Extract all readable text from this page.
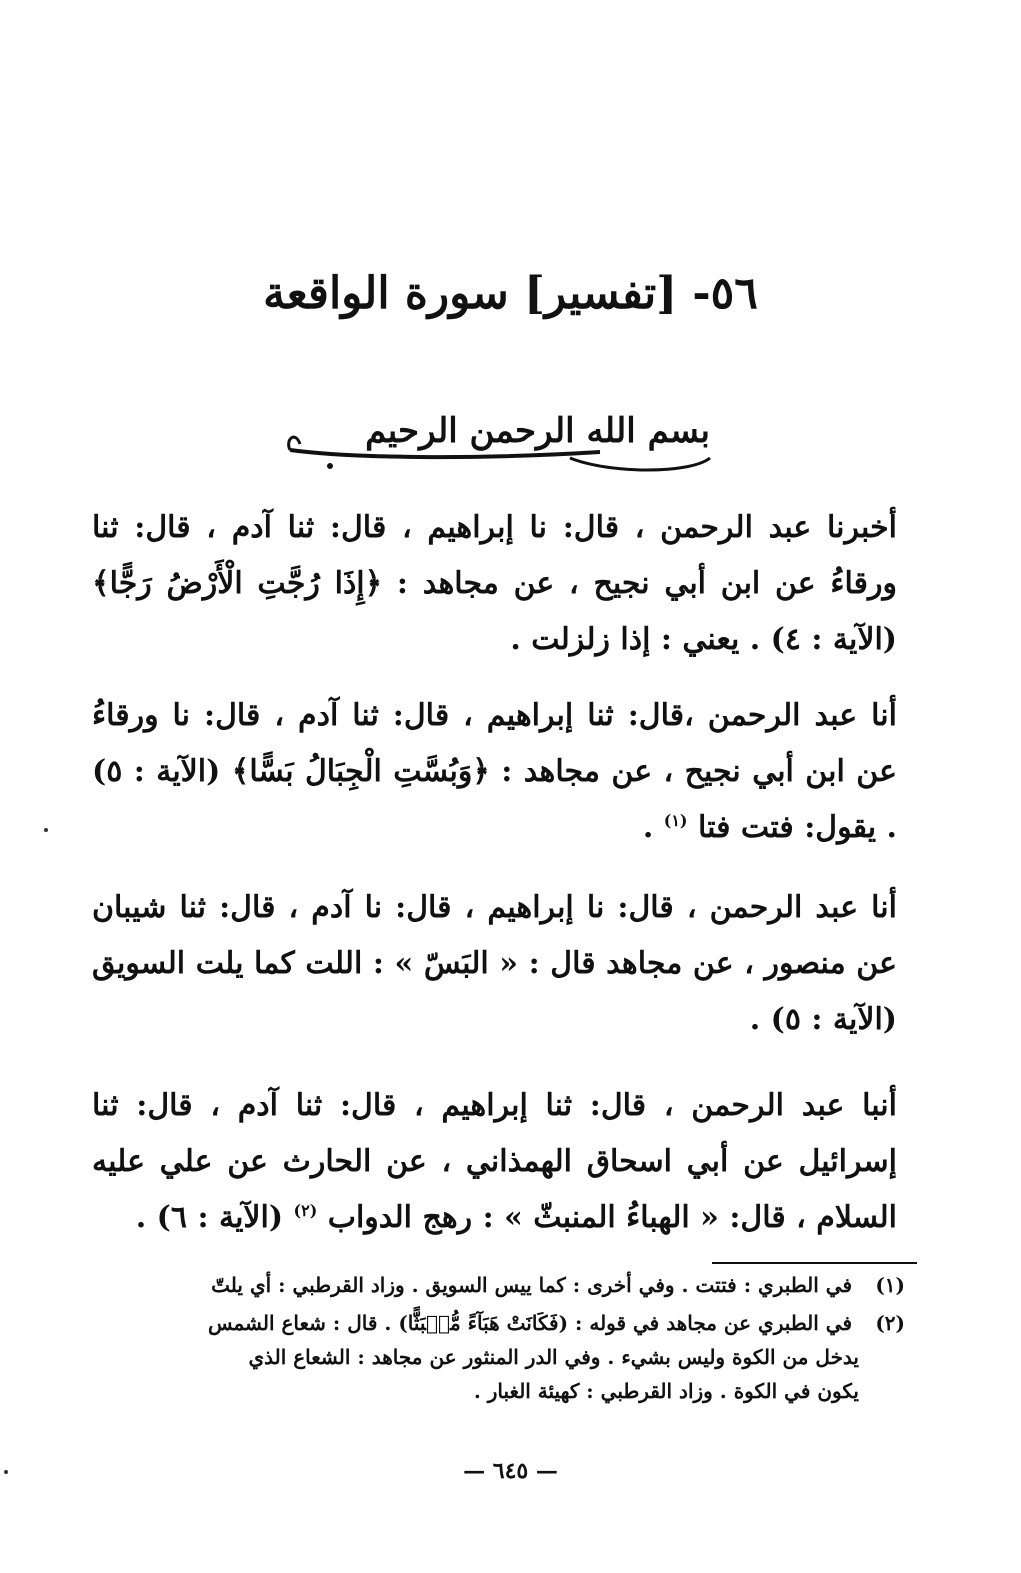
٥٦- [تفسير] سورة الواقعة
بسم الله الرحمن الرحيم
أخبرنا عبد الرحمن ، قال: نا إبراهيم ، قال: ثنا آدم ، قال: ثنا ورقاءُ عن ابن أبي نجيح ، عن مجاهد : ﴿إِذَا رُجَّتِ الْأَرْضُ رَجًّا﴾ (الآية : ٤) . يعني : إذا زلزلت .
أنا عبد الرحمن ،قال: ثنا إبراهيم ، قال: ثنا آدم ، قال: نا ورقاءُ عن ابن أبي نجيح ، عن مجاهد : ﴿وَبُسَّتِ الْجِبَالُ بَسًّا﴾ (الآية : ٥) . يقول: فتت فتا $^{(١)}$ .
أنا عبد الرحمن ، قال: نا إبراهيم ، قال: نا آدم ، قال: ثنا شيبان عن منصور ، عن مجاهد قال : « البَسّ » : اللت كما يلت السويق (الآية : ٥) .
أنبا عبد الرحمن ، قال: ثنا إبراهيم ، قال: ثنا آدم ، قال: ثنا إسرائيل عن أبي اسحاق الهمذاني ، عن الحارث عن علي عليه السلام ، قال: « الهباءُ المنبثّ » : رهج الدواب $^{(٢)}$ (الآية : ٦) .
(١) في الطبري : فتتت . وفي أخرى : كما ييس السويق . وزاد القرطبي : أي يلتّ
(٢) في الطبري عن مجاهد في قوله : (فَكَانَتْ هَبَآءً مُّنۢبَثًّا) . قال : شعاع الشمس
يدخل من الكوة وليس بشيء . وفي الدر المنثور عن مجاهد : الشعاع الذي
يكون في الكوة . وزاد القرطبي : كهيئة الغبار .
— ٦٤٥ —
